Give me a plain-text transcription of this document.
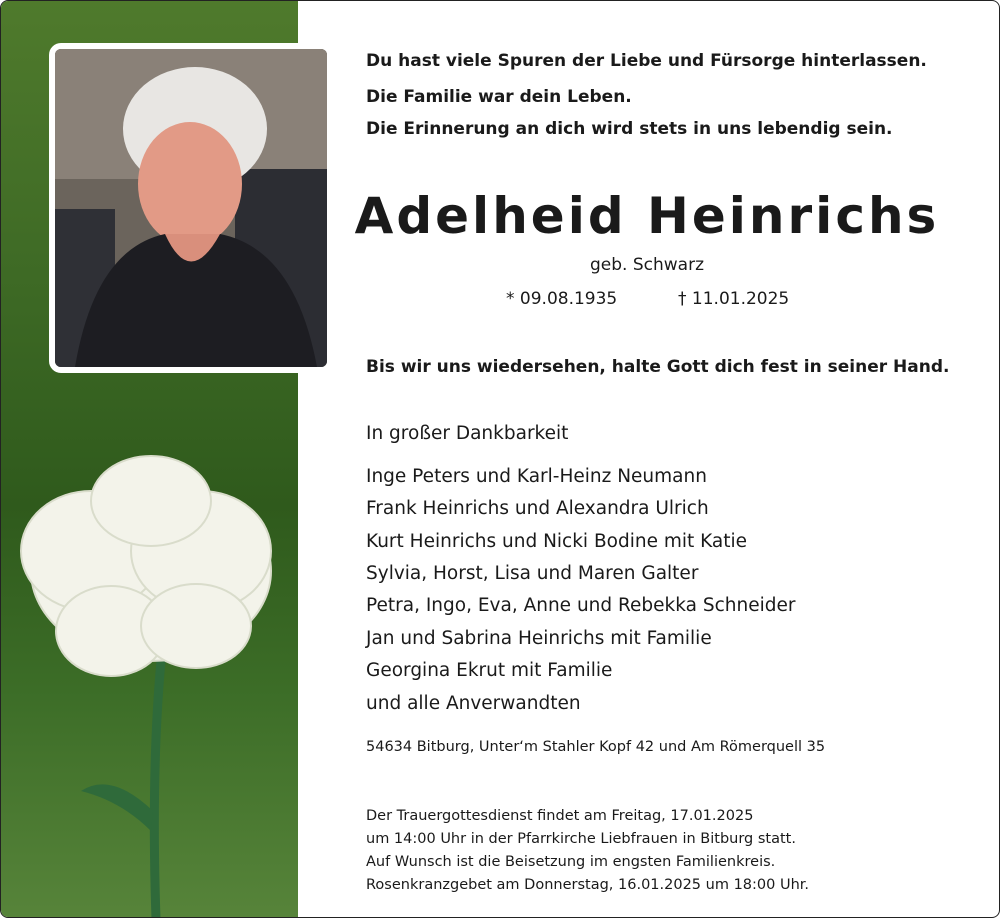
Du hast viele Spuren der Liebe und Fürsorge hinterlassen.
Die Familie war dein Leben.
Die Erinnerung an dich wird stets in uns lebendig sein.
Adelheid Heinrichs
geb. Schwarz
* 09.08.1935	† 11.01.2025
Bis wir uns wiedersehen, halte Gott dich fest in seiner Hand.
In großer Dankbarkeit
Inge Peters und Karl-Heinz Neumann
Frank Heinrichs und Alexandra Ulrich
Kurt Heinrichs und Nicki Bodine mit Katie
Sylvia, Horst, Lisa und Maren Galter
Petra, Ingo, Eva, Anne und Rebekka Schneider
Jan und Sabrina Heinrichs mit Familie
Georgina Ekrut mit Familie
und alle Anverwandten
54634 Bitburg, Unter‘m Stahler Kopf 42 und Am Römerquell 35
Der Trauergottesdienst findet am Freitag, 17.01.2025
um 14:00 Uhr in der Pfarrkirche Liebfrauen in Bitburg statt.
Auf Wunsch ist die Beisetzung im engsten Familienkreis.
Rosenkranzgebet am Donnerstag, 16.01.2025 um 18:00 Uhr.
